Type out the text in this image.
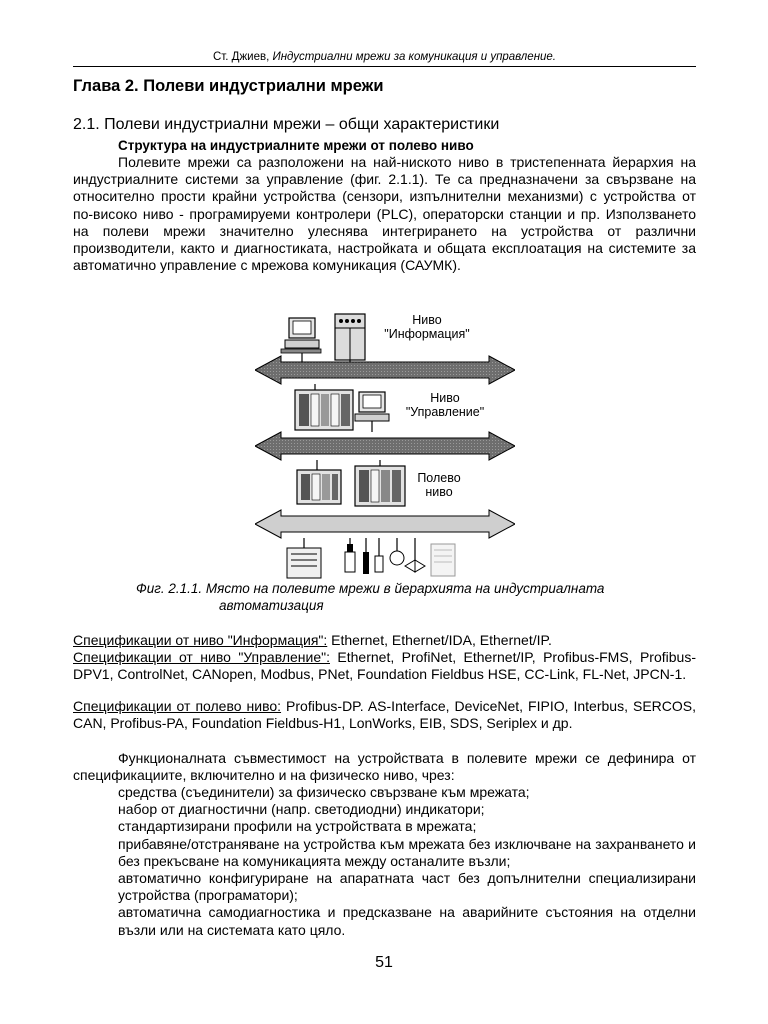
Ст. Джиев, Индустриални мрежи за комуникация и управление.
Глава 2. Полеви индустриални мрежи
2.1. Полеви индустриални мрежи – общи характеристики
Структура на индустриалните мрежи от полево ниво
Полевите мрежи са разположени на най-ниското ниво в тристепенната йерархия на индустриалните системи за управление (фиг. 2.1.1). Те са предназначени за свързване на относително прости крайни устройства (сензори, изпълнителни механизми) с устройства от по-високо ниво - програмируеми контролери (PLC), операторски станции и пр. Използването на полеви мрежи значително улеснява интегрирането на устройства от различни производители, както и диагностиката, настройката и общата експлоатация на системите за автоматично управление с мрежова комуникация (САУМК).
Ниво
"Информация"
Ниво
"Управление"
Полево
ниво
Фиг. 2.1.1. Място на полевите мрежи в йерархията на индустриалната
автоматизация
Спецификации от ниво "Информация": Ethernet, Ethernet/IDA, Ethernet/IP.
Спецификации от ниво "Управление": Ethernet, ProfiNet, Ethernet/IP, Profibus-FMS, Profibus-DPV1, ControlNet, CANopen, Modbus, PNet, Foundation Fieldbus HSE, CC-Link, FL-Net, JPCN-1.
Спецификации от полево ниво: Profibus-DP. AS-Interface, DeviceNet, FIPIO, Interbus, SERCOS, CAN, Profibus-PA, Foundation Fieldbus-H1, LonWorks, EIB, SDS, Seriplex и др.
Функционалната съвместимост на устройствата в полевите мрежи се дефинира от спецификациите, включително и на физическо ниво, чрез:
средства (съединители) за физическо свързване към мрежата;
набор от диагностични (напр. светодиодни) индикатори;
стандартизирани профили на устройствата в мрежата;
прибавяне/отстраняване на устройства към мрежата без изключване на захранването и без прекъсване на комуникацията между останалите възли;
автоматично конфигуриране на апаратната част без допълнителни специализирани устройства (програматори);
автоматична самодиагностика и предсказване на аварийните състояния на отделни възли или на системата като цяло.
51
